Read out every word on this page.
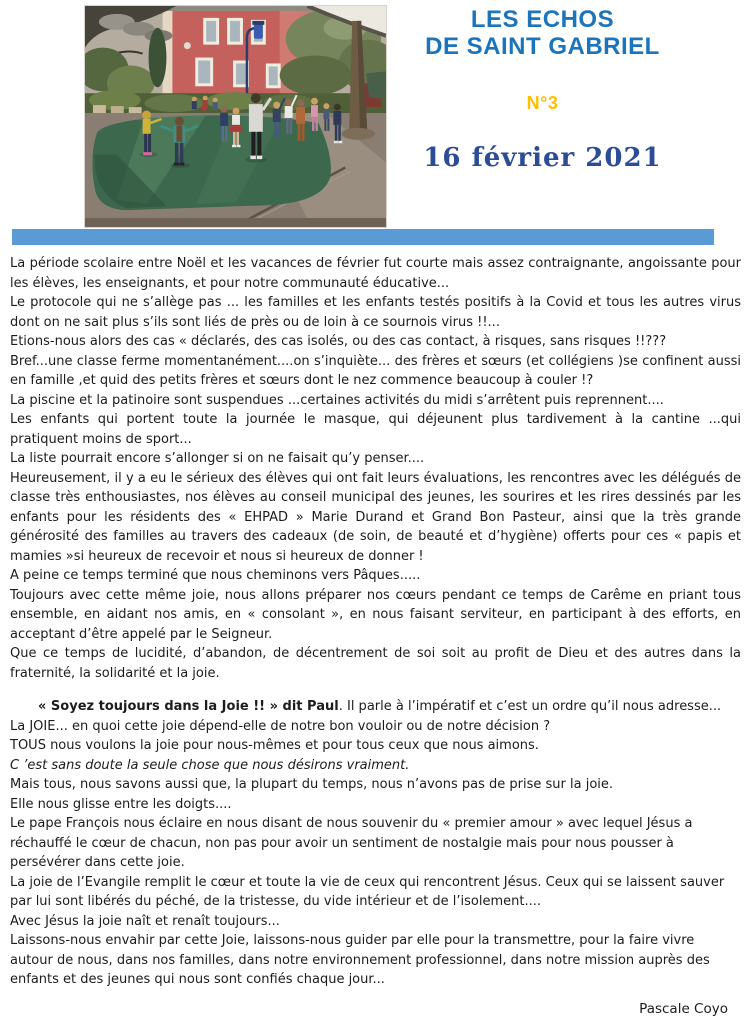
LES ECHOS
DE SAINT GABRIEL
N°3
16 février 2021

La période scolaire entre Noël et les vacances de février fut courte mais assez contraignante, angoissante pour les élèves, les enseignants, et pour notre communauté éducative...

Le protocole qui ne s’allège pas ... les familles et les enfants testés positifs à la Covid et tous les autres virus dont on ne sait plus s’ils sont liés de près ou de loin à ce sournois virus !!...

Etions-nous alors des cas « déclarés, des cas isolés, ou des cas contact, à risques, sans risques !!???

Bref...une classe ferme momentanément....on s’inquiète... des frères et sœurs (et collégiens )se confinent aussi en famille ,et quid des petits frères et sœurs dont le nez commence beaucoup à couler !?

La piscine et la patinoire sont suspendues ...certaines activités du midi s’arrêtent puis reprennent....

Les enfants qui portent toute la journée le masque, qui déjeunent plus tardivement à la cantine ...qui pratiquent moins de sport...

La liste pourrait encore s’allonger si on ne faisait qu’y penser....

Heureusement, il y a eu le sérieux des élèves qui ont fait leurs évaluations, les rencontres avec les délégués de classe très enthousiastes, nos élèves au conseil municipal des jeunes, les sourires et les rires dessinés par les enfants pour les résidents des « EHPAD » Marie Durand et Grand Bon Pasteur, ainsi que la très grande générosité des familles au travers des cadeaux (de soin, de beauté et d’hygiène) offerts pour ces « papis et mamies »si heureux de recevoir et nous si heureux de donner !

A peine ce temps terminé que nous cheminons vers Pâques.....

Toujours avec cette même joie, nous allons préparer nos cœurs pendant ce temps de Carême en priant tous ensemble, en aidant nos amis, en « consolant », en nous faisant serviteur, en participant à des efforts, en acceptant d’être appelé par le Seigneur.

Que ce temps de lucidité, d’abandon, de décentrement de soi soit au profit de Dieu et des autres dans la fraternité, la solidarité et la joie.

« Soyez toujours dans la Joie !! » dit Paul. Il parle à l’impératif et c’est un ordre qu’il nous adresse...

La JOIE... en quoi cette joie dépend-elle de notre bon vouloir ou de notre décision ?

TOUS nous voulons la joie pour nous-mêmes et pour tous ceux que nous aimons.

C ’est sans doute la seule chose que nous désirons vraiment.

Mais tous, nous savons aussi que, la plupart du temps, nous n’avons pas de prise sur la joie.

Elle nous glisse entre les doigts....

Le pape François nous éclaire en nous disant de nous souvenir du « premier amour » avec lequel Jésus a réchauffé le cœur de chacun, non pas pour avoir un sentiment de nostalgie mais pour nous pousser à persévérer dans cette joie.

La joie de l’Evangile remplit le cœur et toute la vie de ceux qui rencontrent Jésus. Ceux qui se laissent sauver par lui sont libérés du péché, de la tristesse, du vide intérieur et de l’isolement....

Avec Jésus la joie naît et renaît toujours...

Laissons-nous envahir par cette Joie, laissons-nous guider par elle pour la transmettre, pour la faire vivre autour de nous, dans nos familles, dans notre environnement professionnel, dans notre mission auprès des enfants et des jeunes qui nous sont confiés chaque jour...

Pascale Coyo
